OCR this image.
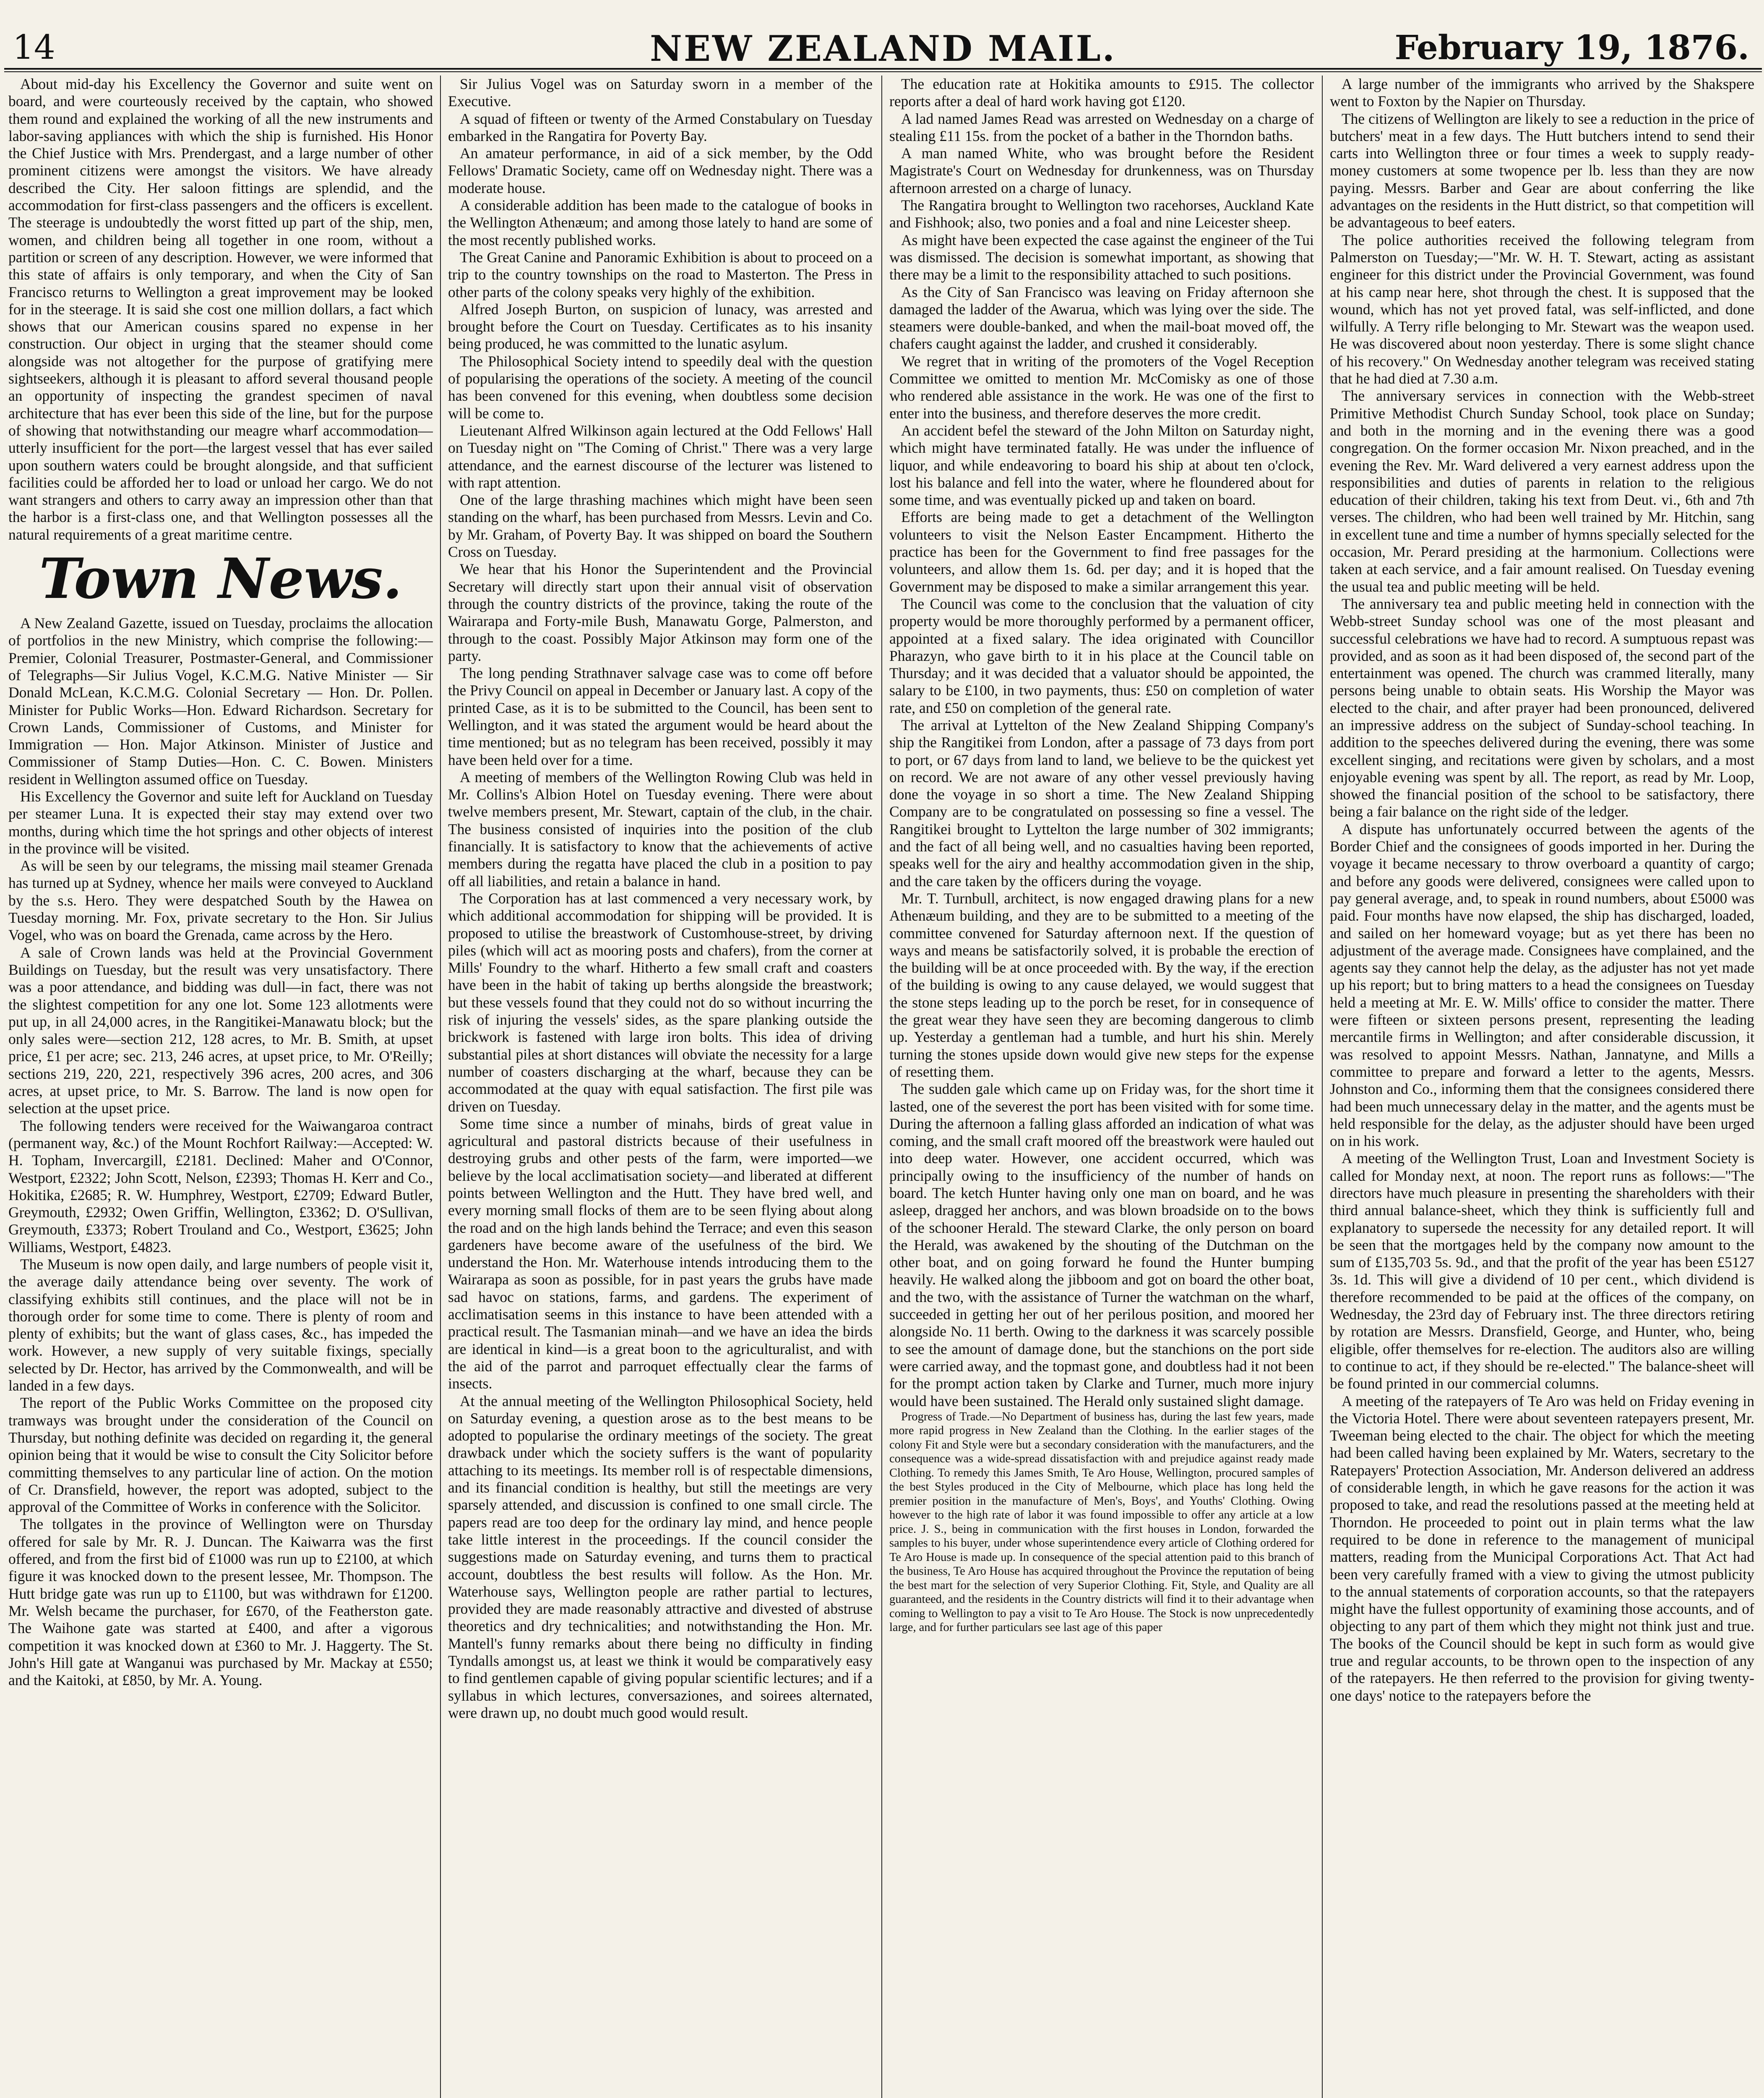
14	NEW ZEALAND MAIL.	February 19, 1876.

About mid-day his Excellency the Governor and suite went on board, and were courteously received by the captain, who showed them round and explained the working of all the new instruments and labor-saving appliances with which the ship is furnished. His Honor the Chief Justice with Mrs. Prendergast, and a large number of other prominent citizens were amongst the visitors. We have already described the City. Her saloon fittings are splendid, and the accommodation for first-class passengers and the officers is excellent. The steerage is undoubtedly the worst fitted up part of the ship, men, women, and children being all together in one room, without a partition or screen of any description. However, we were informed that this state of affairs is only temporary, and when the City of San Francisco returns to Wellington a great improvement may be looked for in the steerage. It is said she cost one million dollars, a fact which shows that our American cousins spared no expense in her construction. Our object in urging that the steamer should come alongside was not altogether for the purpose of gratifying mere sightseekers, although it is pleasant to afford several thousand people an opportunity of inspecting the grandest specimen of naval architecture that has ever been this side of the line, but for the purpose of showing that notwithstanding our meagre wharf accommodation—utterly insufficient for the port—the largest vessel that has ever sailed upon southern waters could be brought alongside, and that sufficient facilities could be afforded her to load or unload her cargo. We do not want strangers and others to carry away an impression other than that the harbor is a first-class one, and that Wellington possesses all the natural requirements of a great maritime centre.

Town News.

A New Zealand Gazette, issued on Tuesday, proclaims the allocation of portfolios in the new Ministry, which comprise the following:—Premier, Colonial Treasurer, Postmaster-General, and Commissioner of Telegraphs—Sir Julius Vogel, K.C.M.G. Native Minister — Sir Donald McLean, K.C.M.G. Colonial Secretary — Hon. Dr. Pollen. Minister for Public Works—Hon. Edward Richardson. Secretary for Crown Lands, Commissioner of Customs, and Minister for Immigration — Hon. Major Atkinson. Minister of Justice and Commissioner of Stamp Duties—Hon. C. C. Bowen. Ministers resident in Wellington assumed office on Tuesday.

His Excellency the Governor and suite left for Auckland on Tuesday per steamer Luna. It is expected their stay may extend over two months, during which time the hot springs and other objects of interest in the province will be visited.

As will be seen by our telegrams, the missing mail steamer Grenada has turned up at Sydney, whence her mails were conveyed to Auckland by the s.s. Hero. They were despatched South by the Hawea on Tuesday morning. Mr. Fox, private secretary to the Hon. Sir Julius Vogel, who was on board the Grenada, came across by the Hero.

A sale of Crown lands was held at the Provincial Government Buildings on Tuesday, but the result was very unsatisfactory. There was a poor attendance, and bidding was dull—in fact, there was not the slightest competition for any one lot. Some 123 allotments were put up, in all 24,000 acres, in the Rangitikei-Manawatu block; but the only sales were—section 212, 128 acres, to Mr. B. Smith, at upset price, £1 per acre; sec. 213, 246 acres, at upset price, to Mr. O'Reilly; sections 219, 220, 221, respectively 396 acres, 200 acres, and 306 acres, at upset price, to Mr. S. Barrow. The land is now open for selection at the upset price.

The following tenders were received for the Waiwangaroa contract (permanent way, &c.) of the Mount Rochfort Railway:—Accepted: W. H. Topham, Invercargill, £2181. Declined: Maher and O'Connor, Westport, £2322; John Scott, Nelson, £2393; Thomas H. Kerr and Co., Hokitika, £2685; R. W. Humphrey, Westport, £2709; Edward Butler, Greymouth, £2932; Owen Griffin, Wellington, £3362; D. O'Sullivan, Greymouth, £3373; Robert Trouland and Co., Westport, £3625; John Williams, Westport, £4823.

The Museum is now open daily, and large numbers of people visit it, the average daily attendance being over seventy. The work of classifying exhibits still continues, and the place will not be in thorough order for some time to come. There is plenty of room and plenty of exhibits; but the want of glass cases, &c., has impeded the work. However, a new supply of very suitable fixings, specially selected by Dr. Hector, has arrived by the Commonwealth, and will be landed in a few days.

The report of the Public Works Committee on the proposed city tramways was brought under the consideration of the Council on Thursday, but nothing definite was decided on regarding it, the general opinion being that it would be wise to consult the City Solicitor before committing themselves to any particular line of action. On the motion of Cr. Dransfield, however, the report was adopted, subject to the approval of the Committee of Works in conference with the Solicitor.

The tollgates in the province of Wellington were on Thursday offered for sale by Mr. R. J. Duncan. The Kaiwarra was the first offered, and from the first bid of £1000 was run up to £2100, at which figure it was knocked down to the present lessee, Mr. Thompson. The Hutt bridge gate was run up to £1100, but was withdrawn for £1200. Mr. Welsh became the purchaser, for £670, of the Featherston gate. The Waihone gate was started at £400, and after a vigorous competition it was knocked down at £360 to Mr. J. Haggerty. The St. John's Hill gate at Wanganui was purchased by Mr. Mackay at £550; and the Kaitoki, at £850, by Mr. A. Young.

Sir Julius Vogel was on Saturday sworn in a member of the Executive.

A squad of fifteen or twenty of the Armed Constabulary on Tuesday embarked in the Rangatira for Poverty Bay.

An amateur performance, in aid of a sick member, by the Odd Fellows' Dramatic Society, came off on Wednesday night. There was a moderate house.

A considerable addition has been made to the catalogue of books in the Wellington Athenæum; and among those lately to hand are some of the most recently published works.

The Great Canine and Panoramic Exhibition is about to proceed on a trip to the country townships on the road to Masterton. The Press in other parts of the colony speaks very highly of the exhibition.

Alfred Joseph Burton, on suspicion of lunacy, was arrested and brought before the Court on Tuesday. Certificates as to his insanity being produced, he was committed to the lunatic asylum.

The Philosophical Society intend to speedily deal with the question of popularising the operations of the society. A meeting of the council has been convened for this evening, when doubtless some decision will be come to.

Lieutenant Alfred Wilkinson again lectured at the Odd Fellows' Hall on Tuesday night on "The Coming of Christ." There was a very large attendance, and the earnest discourse of the lecturer was listened to with rapt attention.

One of the large thrashing machines which might have been seen standing on the wharf, has been purchased from Messrs. Levin and Co. by Mr. Graham, of Poverty Bay. It was shipped on board the Southern Cross on Tuesday.

We hear that his Honor the Superintendent and the Provincial Secretary will directly start upon their annual visit of observation through the country districts of the province, taking the route of the Wairarapa and Forty-mile Bush, Manawatu Gorge, Palmerston, and through to the coast. Possibly Major Atkinson may form one of the party.

The long pending Strathnaver salvage case was to come off before the Privy Council on appeal in December or January last. A copy of the printed Case, as it is to be submitted to the Council, has been sent to Wellington, and it was stated the argument would be heard about the time mentioned; but as no telegram has been received, possibly it may have been held over for a time.

A meeting of members of the Wellington Rowing Club was held in Mr. Collins's Albion Hotel on Tuesday evening. There were about twelve members present, Mr. Stewart, captain of the club, in the chair. The business consisted of inquiries into the position of the club financially. It is satisfactory to know that the achievements of active members during the regatta have placed the club in a position to pay off all liabilities, and retain a balance in hand.

The Corporation has at last commenced a very necessary work, by which additional accommodation for shipping will be provided. It is proposed to utilise the breastwork of Customhouse-street, by driving piles (which will act as mooring posts and chafers), from the corner at Mills' Foundry to the wharf. Hitherto a few small craft and coasters have been in the habit of taking up berths alongside the breastwork; but these vessels found that they could not do so without incurring the risk of injuring the vessels' sides, as the spare planking outside the brickwork is fastened with large iron bolts. This idea of driving substantial piles at short distances will obviate the necessity for a large number of coasters discharging at the wharf, because they can be accommodated at the quay with equal satisfaction. The first pile was driven on Tuesday.

Some time since a number of minahs, birds of great value in agricultural and pastoral districts because of their usefulness in destroying grubs and other pests of the farm, were imported—we believe by the local acclimatisation society—and liberated at different points between Wellington and the Hutt. They have bred well, and every morning small flocks of them are to be seen flying about along the road and on the high lands behind the Terrace; and even this season gardeners have become aware of the usefulness of the bird. We understand the Hon. Mr. Waterhouse intends introducing them to the Wairarapa as soon as possible, for in past years the grubs have made sad havoc on stations, farms, and gardens. The experiment of acclimatisation seems in this instance to have been attended with a practical result. The Tasmanian minah—and we have an idea the birds are identical in kind—is a great boon to the agriculturalist, and with the aid of the parrot and parroquet effectually clear the farms of insects.

At the annual meeting of the Wellington Philosophical Society, held on Saturday evening, a question arose as to the best means to be adopted to popularise the ordinary meetings of the society. The great drawback under which the society suffers is the want of popularity attaching to its meetings. Its member roll is of respectable dimensions, and its financial condition is healthy, but still the meetings are very sparsely attended, and discussion is confined to one small circle. The papers read are too deep for the ordinary lay mind, and hence people take little interest in the proceedings. If the council consider the suggestions made on Saturday evening, and turns them to practical account, doubtless the best results will follow. As the Hon. Mr. Waterhouse says, Wellington people are rather partial to lectures, provided they are made reasonably attractive and divested of abstruse theoretics and dry technicalities; and notwithstanding the Hon. Mr. Mantell's funny remarks about there being no difficulty in finding Tyndalls amongst us, at least we think it would be comparatively easy to find gentlemen capable of giving popular scientific lectures; and if a syllabus in which lectures, conversaziones, and soirees alternated, were drawn up, no doubt much good would result.

The education rate at Hokitika amounts to £915. The collector reports after a deal of hard work having got £120.

A lad named James Read was arrested on Wednesday on a charge of stealing £11 15s. from the pocket of a bather in the Thorndon baths.

A man named White, who was brought before the Resident Magistrate's Court on Wednesday for drunkenness, was on Thursday afternoon arrested on a charge of lunacy.

The Rangatira brought to Wellington two racehorses, Auckland Kate and Fishhook; also, two ponies and a foal and nine Leicester sheep.

As might have been expected the case against the engineer of the Tui was dismissed. The decision is somewhat important, as showing that there may be a limit to the responsibility attached to such positions.

As the City of San Francisco was leaving on Friday afternoon she damaged the ladder of the Awarua, which was lying over the side. The steamers were double-banked, and when the mail-boat moved off, the chafers caught against the ladder, and crushed it considerably.

We regret that in writing of the promoters of the Vogel Reception Committee we omitted to mention Mr. McComisky as one of those who rendered able assistance in the work. He was one of the first to enter into the business, and therefore deserves the more credit.

An accident befel the steward of the John Milton on Saturday night, which might have terminated fatally. He was under the influence of liquor, and while endeavoring to board his ship at about ten o'clock, lost his balance and fell into the water, where he floundered about for some time, and was eventually picked up and taken on board.

Efforts are being made to get a detachment of the Wellington volunteers to visit the Nelson Easter Encampment. Hitherto the practice has been for the Government to find free passages for the volunteers, and allow them 1s. 6d. per day; and it is hoped that the Government may be disposed to make a similar arrangement this year.

The Council was come to the conclusion that the valuation of city property would be more thoroughly performed by a permanent officer, appointed at a fixed salary. The idea originated with Councillor Pharazyn, who gave birth to it in his place at the Council table on Thursday; and it was decided that a valuator should be appointed, the salary to be £100, in two payments, thus: £50 on completion of water rate, and £50 on completion of the general rate.

The arrival at Lyttelton of the New Zealand Shipping Company's ship the Rangitikei from London, after a passage of 73 days from port to port, or 67 days from land to land, we believe to be the quickest yet on record. We are not aware of any other vessel previously having done the voyage in so short a time. The New Zealand Shipping Company are to be congratulated on possessing so fine a vessel. The Rangitikei brought to Lyttelton the large number of 302 immigrants; and the fact of all being well, and no casualties having been reported, speaks well for the airy and healthy accommodation given in the ship, and the care taken by the officers during the voyage.

Mr. T. Turnbull, architect, is now engaged drawing plans for a new Athenæum building, and they are to be submitted to a meeting of the committee convened for Saturday afternoon next. If the question of ways and means be satisfactorily solved, it is probable the erection of the building will be at once proceeded with. By the way, if the erection of the building is owing to any cause delayed, we would suggest that the stone steps leading up to the porch be reset, for in consequence of the great wear they have seen they are becoming dangerous to climb up. Yesterday a gentleman had a tumble, and hurt his shin. Merely turning the stones upside down would give new steps for the expense of resetting them.

The sudden gale which came up on Friday was, for the short time it lasted, one of the severest the port has been visited with for some time. During the afternoon a falling glass afforded an indication of what was coming, and the small craft moored off the breastwork were hauled out into deep water. However, one accident occurred, which was principally owing to the insufficiency of the number of hands on board. The ketch Hunter having only one man on board, and he was asleep, dragged her anchors, and was blown broadside on to the bows of the schooner Herald. The steward Clarke, the only person on board the Herald, was awakened by the shouting of the Dutchman on the other boat, and on going forward he found the Hunter bumping heavily. He walked along the jibboom and got on board the other boat, and the two, with the assistance of Turner the watchman on the wharf, succeeded in getting her out of her perilous position, and moored her alongside No. 11 berth. Owing to the darkness it was scarcely possible to see the amount of damage done, but the stanchions on the port side were carried away, and the topmast gone, and doubtless had it not been for the prompt action taken by Clarke and Turner, much more injury would have been sustained. The Herald only sustained slight damage.

Progress of Trade.—No Department of business has, during the last few years, made more rapid progress in New Zealand than the Clothing. In the earlier stages of the colony Fit and Style were but a secondary consideration with the manufacturers, and the consequence was a wide-spread dissatisfaction with and prejudice against ready made Clothing. To remedy this James Smith, Te Aro House, Wellington, procured samples of the best Styles produced in the City of Melbourne, which place has long held the premier position in the manufacture of Men's, Boys', and Youths' Clothing. Owing however to the high rate of labor it was found impossible to offer any article at a low price. J. S., being in communication with the first houses in London, forwarded the samples to his buyer, under whose superintendence every article of Clothing ordered for Te Aro House is made up. In consequence of the special attention paid to this branch of the business, Te Aro House has acquired throughout the Province the reputation of being the best mart for the selection of very Superior Clothing. Fit, Style, and Quality are all guaranteed, and the residents in the Country districts will find it to their advantage when coming to Wellington to pay a visit to Te Aro House. The Stock is now unprecedentedly large, and for further particulars see last age of this paper

A large number of the immigrants who arrived by the Shakspere went to Foxton by the Napier on Thursday.

The citizens of Wellington are likely to see a reduction in the price of butchers' meat in a few days. The Hutt butchers intend to send their carts into Wellington three or four times a week to supply ready-money customers at some twopence per lb. less than they are now paying. Messrs. Barber and Gear are about conferring the like advantages on the residents in the Hutt district, so that competition will be advantageous to beef eaters.

The police authorities received the following telegram from Palmerston on Tuesday;—"Mr. W. H. T. Stewart, acting as assistant engineer for this district under the Provincial Government, was found at his camp near here, shot through the chest. It is supposed that the wound, which has not yet proved fatal, was self-inflicted, and done wilfully. A Terry rifle belonging to Mr. Stewart was the weapon used. He was discovered about noon yesterday. There is some slight chance of his recovery." On Wednesday another telegram was received stating that he had died at 7.30 a.m.

The anniversary services in connection with the Webb-street Primitive Methodist Church Sunday School, took place on Sunday; and both in the morning and in the evening there was a good congregation. On the former occasion Mr. Nixon preached, and in the evening the Rev. Mr. Ward delivered a very earnest address upon the responsibilities and duties of parents in relation to the religious education of their children, taking his text from Deut. vi., 6th and 7th verses. The children, who had been well trained by Mr. Hitchin, sang in excellent tune and time a number of hymns specially selected for the occasion, Mr. Perard presiding at the harmonium. Collections were taken at each service, and a fair amount realised. On Tuesday evening the usual tea and public meeting will be held.

The anniversary tea and public meeting held in connection with the Webb-street Sunday school was one of the most pleasant and successful celebrations we have had to record. A sumptuous repast was provided, and as soon as it had been disposed of, the second part of the entertainment was opened. The church was crammed literally, many persons being unable to obtain seats. His Worship the Mayor was elected to the chair, and after prayer had been pronounced, delivered an impressive address on the subject of Sunday-school teaching. In addition to the speeches delivered during the evening, there was some excellent singing, and recitations were given by scholars, and a most enjoyable evening was spent by all. The report, as read by Mr. Loop, showed the financial position of the school to be satisfactory, there being a fair balance on the right side of the ledger.

A dispute has unfortunately occurred between the agents of the Border Chief and the consignees of goods imported in her. During the voyage it became necessary to throw overboard a quantity of cargo; and before any goods were delivered, consignees were called upon to pay general average, and, to speak in round numbers, about £5000 was paid. Four months have now elapsed, the ship has discharged, loaded, and sailed on her homeward voyage; but as yet there has been no adjustment of the average made. Consignees have complained, and the agents say they cannot help the delay, as the adjuster has not yet made up his report; but to bring matters to a head the consignees on Tuesday held a meeting at Mr. E. W. Mills' office to consider the matter. There were fifteen or sixteen persons present, representing the leading mercantile firms in Wellington; and after considerable discussion, it was resolved to appoint Messrs. Nathan, Jannatyne, and Mills a committee to prepare and forward a letter to the agents, Messrs. Johnston and Co., informing them that the consignees considered there had been much unnecessary delay in the matter, and the agents must be held responsible for the delay, as the adjuster should have been urged on in his work.

A meeting of the Wellington Trust, Loan and Investment Society is called for Monday next, at noon. The report runs as follows:—"The directors have much pleasure in presenting the shareholders with their third annual balance-sheet, which they think is sufficiently full and explanatory to supersede the necessity for any detailed report. It will be seen that the mortgages held by the company now amount to the sum of £135,703 5s. 9d., and that the profit of the year has been £5127 3s. 1d. This will give a dividend of 10 per cent., which dividend is therefore recommended to be paid at the offices of the company, on Wednesday, the 23rd day of February inst. The three directors retiring by rotation are Messrs. Dransfield, George, and Hunter, who, being eligible, offer themselves for re-election. The auditors also are willing to continue to act, if they should be re-elected." The balance-sheet will be found printed in our commercial columns.

A meeting of the ratepayers of Te Aro was held on Friday evening in the Victoria Hotel. There were about seventeen ratepayers present, Mr. Tweeman being elected to the chair. The object for which the meeting had been called having been explained by Mr. Waters, secretary to the Ratepayers' Protection Association, Mr. Anderson delivered an address of considerable length, in which he gave reasons for the action it was proposed to take, and read the resolutions passed at the meeting held at Thorndon. He proceeded to point out in plain terms what the law required to be done in reference to the management of municipal matters, reading from the Municipal Corporations Act. That Act had been very carefully framed with a view to giving the utmost publicity to the annual statements of corporation accounts, so that the ratepayers might have the fullest opportunity of examining those accounts, and of objecting to any part of them which they might not think just and true. The books of the Council should be kept in such form as would give true and regular accounts, to be thrown open to the inspection of any of the ratepayers. He then referred to the provision for giving twenty-one days' notice to the ratepayers before the
